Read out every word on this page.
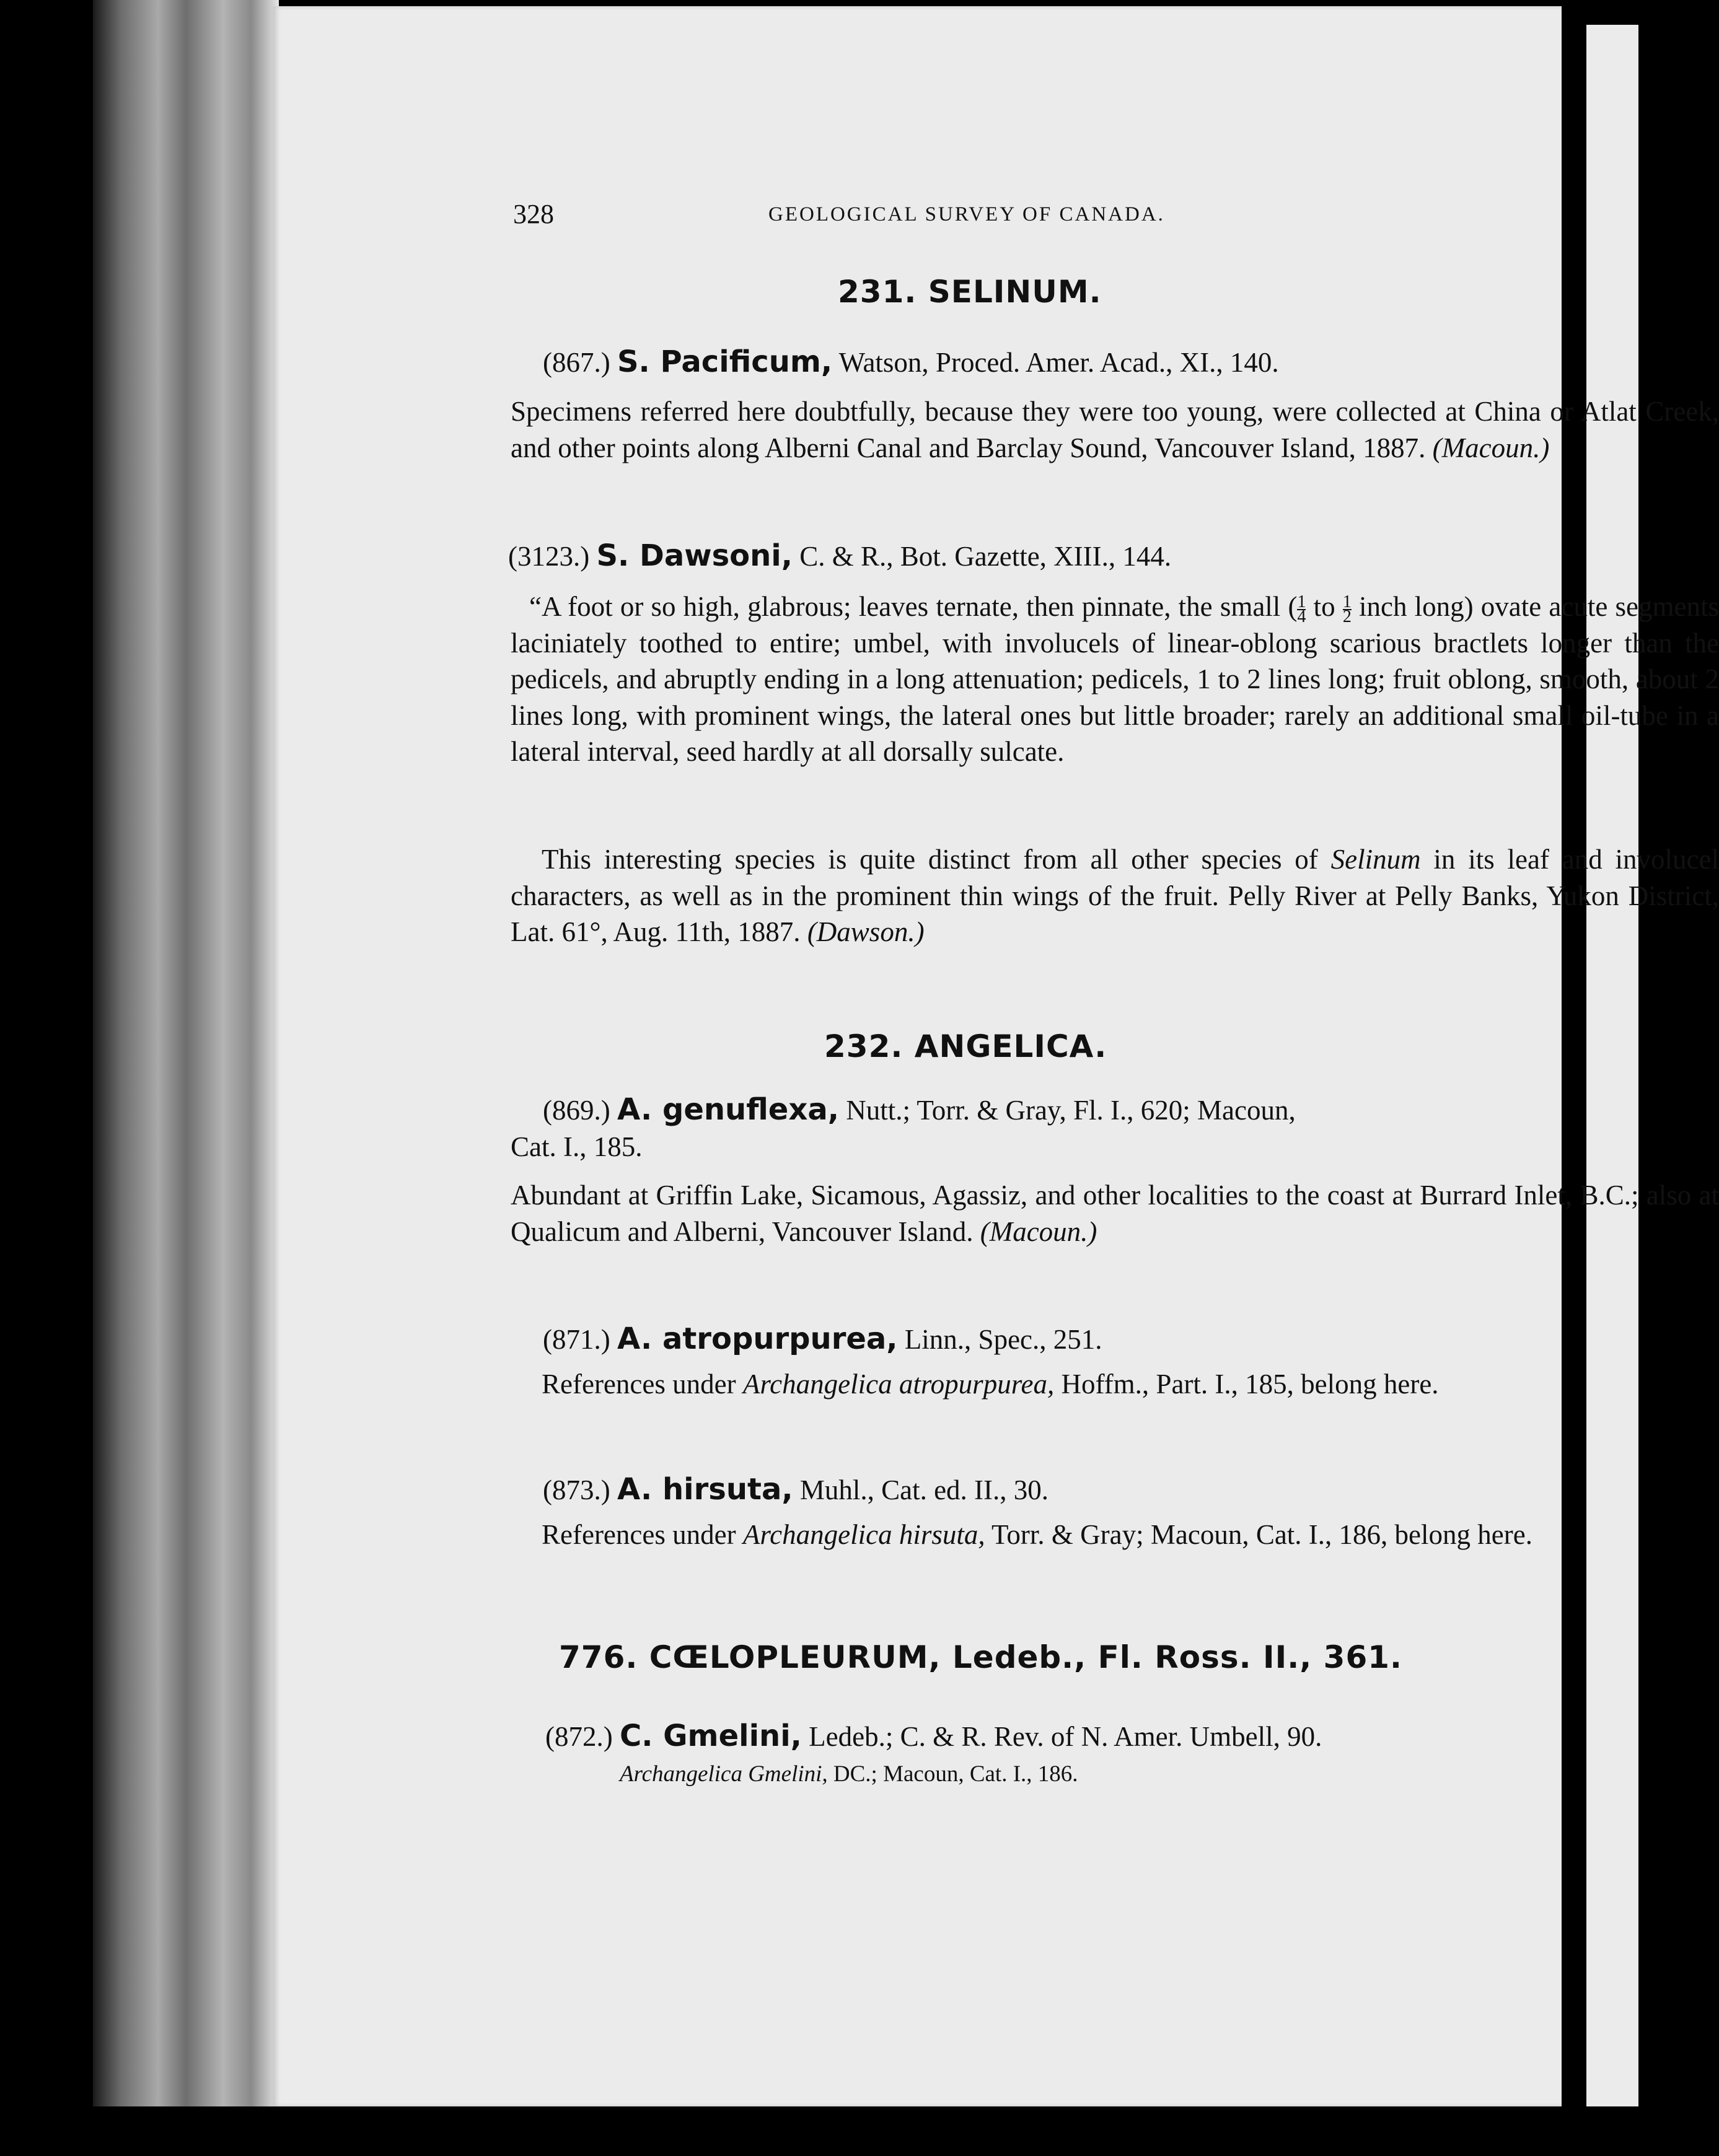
328	GEOLOGICAL SURVEY OF CANADA.
231. SELINUM.
(867.) S. Pacificum, Watson, Proced. Amer. Acad., XI., 140.
Specimens referred here doubtfully, because they were too young, were collected at China or Atlat Creek, and other points along Alberni Canal and Barclay Sound, Vancouver Island, 1887. (Macoun.)
(3123.) S. Dawsoni, C. & R., Bot. Gazette, XIII., 144.
“A foot or so high, glabrous; leaves ternate, then pinnate, the small ( $\frac{1}{4}$ to $\frac{1}{2}$ inch long) ovate acute segments laciniately toothed to entire; umbel, with involucels of linear-oblong scarious bractlets longer than the pedicels, and abruptly ending in a long attenuation; pedicels, 1 to 2 lines long; fruit oblong, smooth, about 2 lines long, with prominent wings, the lateral ones but little broader; rarely an additional small oil-tube in a lateral interval, seed hardly at all dorsally sulcate.
This interesting species is quite distinct from all other species of Selinum in its leaf and involucel characters, as well as in the prominent thin wings of the fruit. Pelly River at Pelly Banks, Yukon District, Lat. 61°, Aug. 11th, 1887. (Dawson.)
232. ANGELICA.
(869.) A. genuflexa, Nutt.; Torr. & Gray, Fl. I., 620; Macoun,
Cat. I., 185.
Abundant at Griffin Lake, Sicamous, Agassiz, and other localities to the coast at Burrard Inlet, B.C.; also at Qualicum and Alberni, Vancouver Island. (Macoun.)
(871.) A. atropurpurea, Linn., Spec., 251.
References under Archangelica atropurpurea, Hoffm., Part. I., 185, belong here.
(873.) A. hirsuta, Muhl., Cat. ed. II., 30.
References under Archangelica hirsuta, Torr. & Gray; Macoun, Cat. I., 186, belong here.
776. CŒLOPLEURUM, Ledeb., Fl. Ross. II., 361.
(872.) C. Gmelini, Ledeb.; C. & R. Rev. of N. Amer. Umbell, 90.
Archangelica Gmelini, DC.; Macoun, Cat. I., 186.
